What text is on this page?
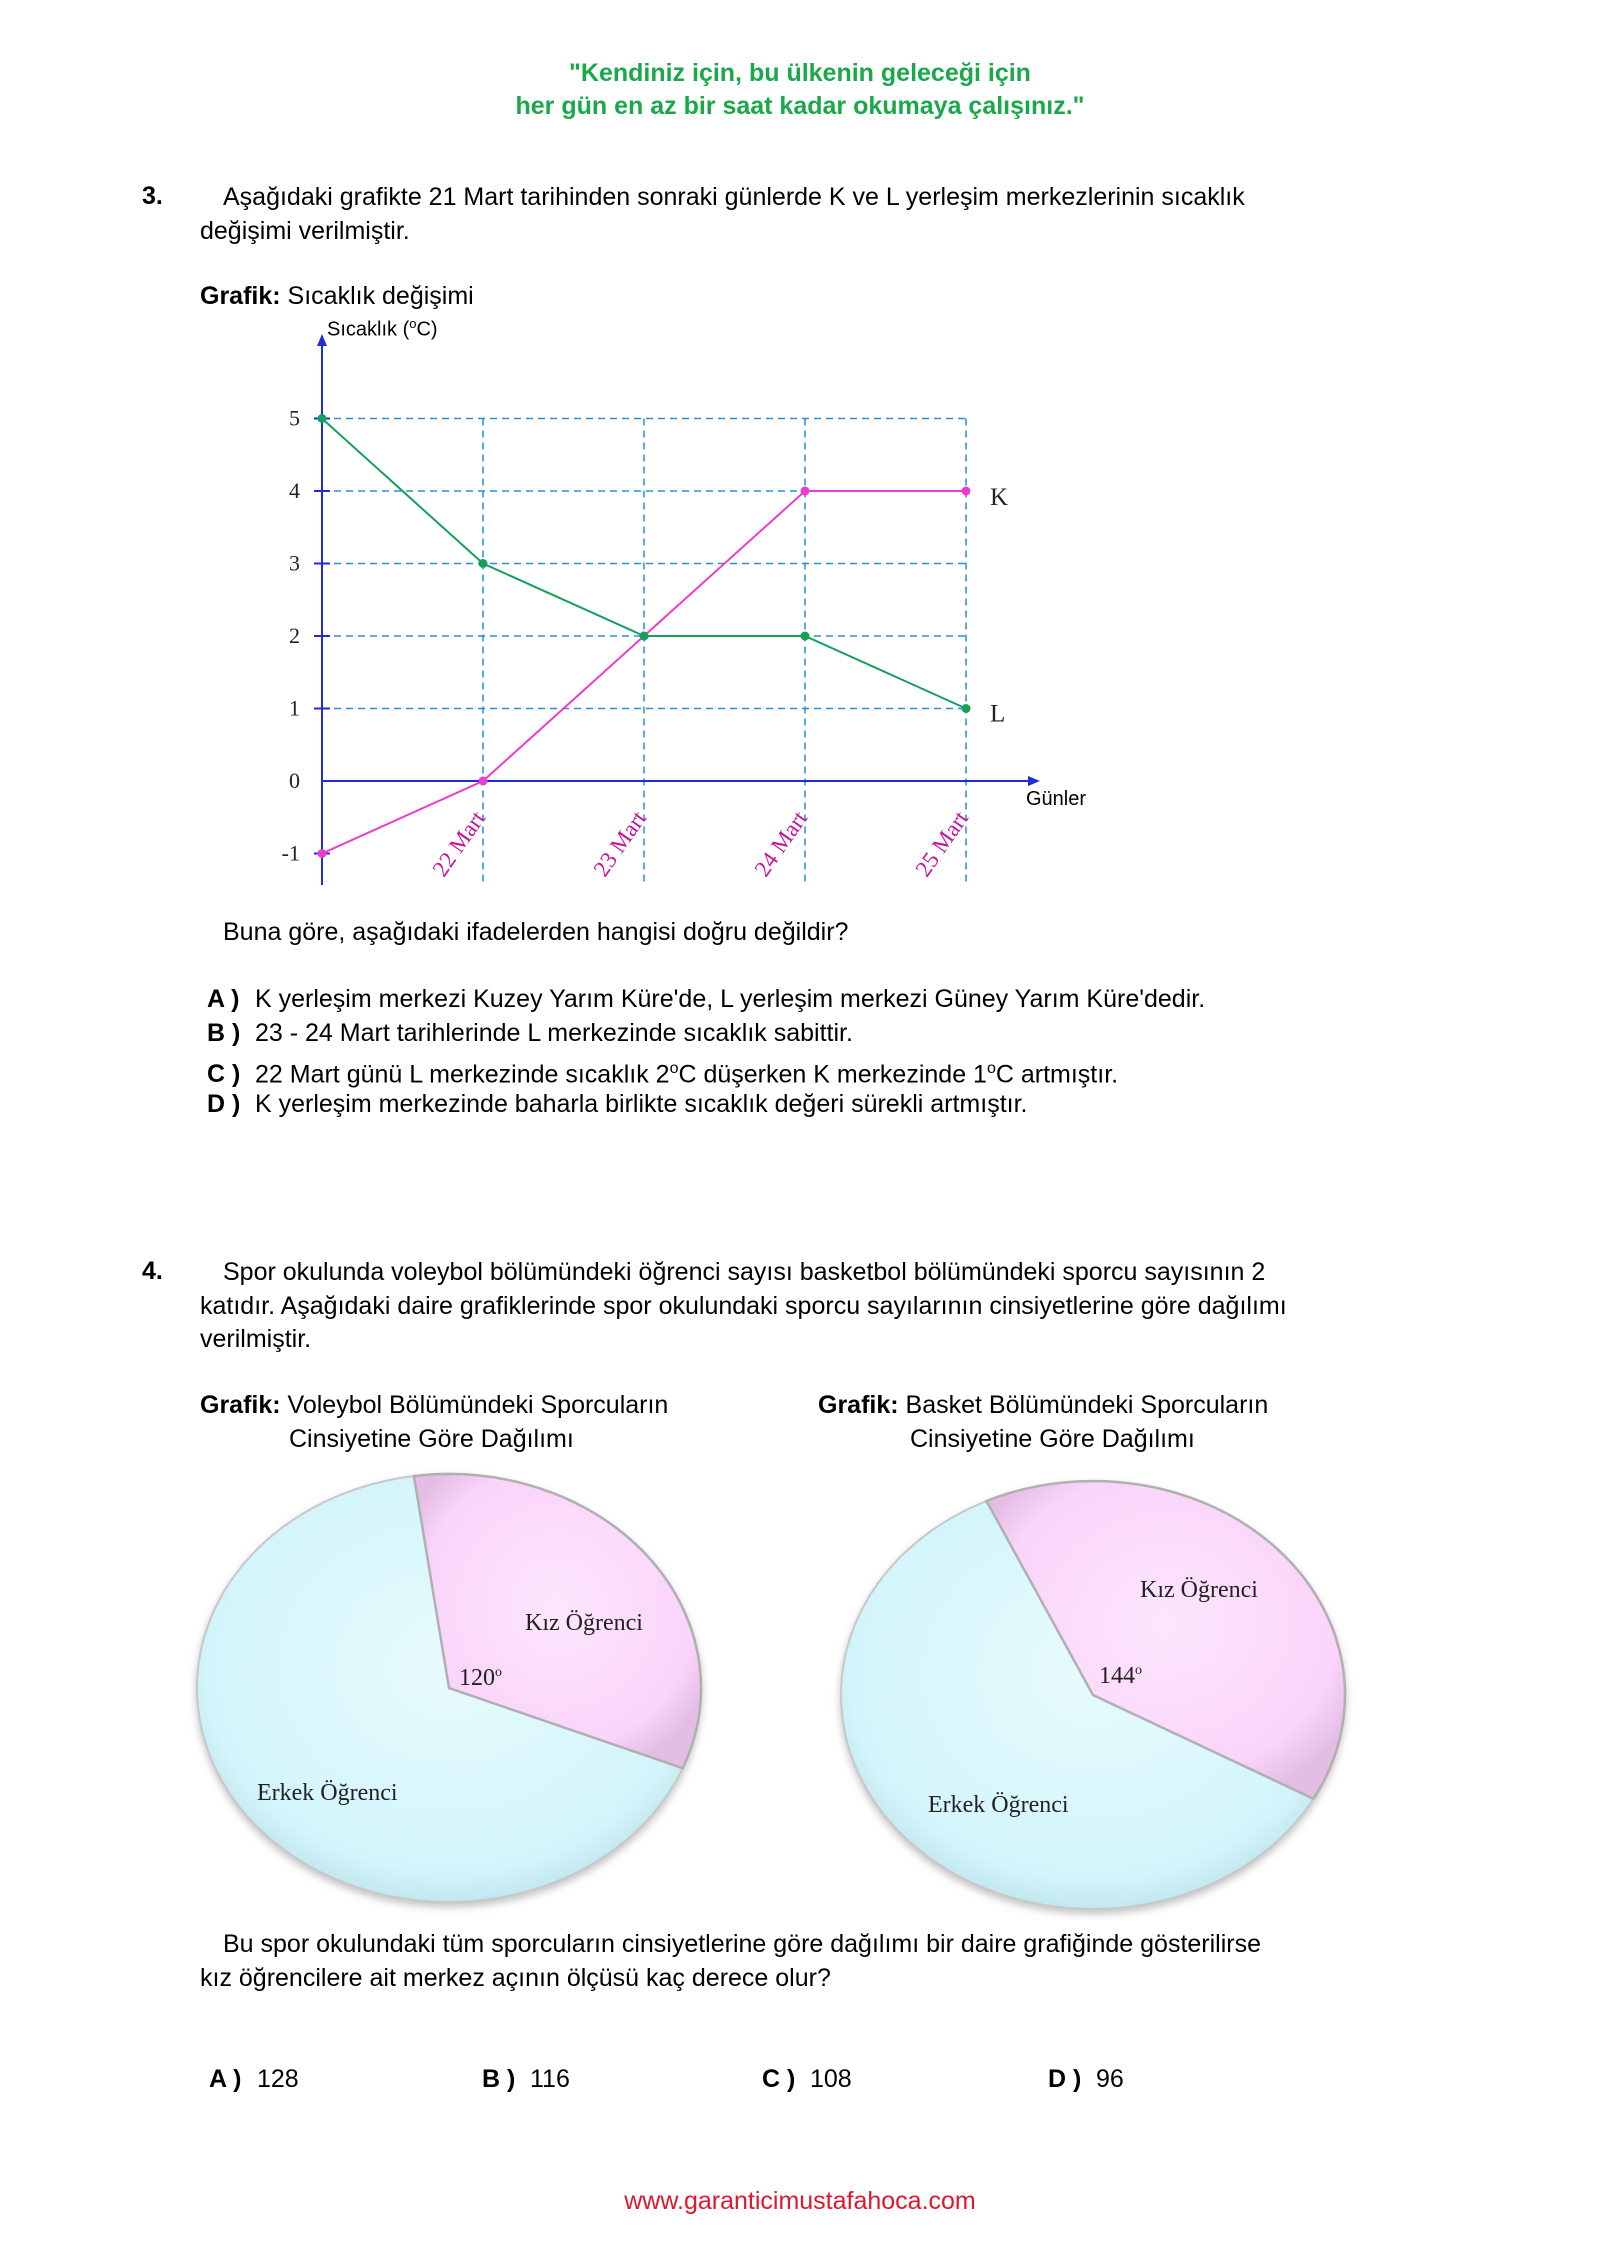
"Kendiniz için, bu ülkenin geleceği için
her gün en az bir saat kadar okumaya çalışınız."
3. Aşağıdaki grafikte 21 Mart tarihinden sonraki günlerde K ve L yerleşim merkezlerinin sıcaklık
değişimi verilmiştir.
Grafik: Sıcaklık değişimi
Sıcaklık ($^o$C)
Günler
5
4
3
2
1
0
-1	22 Mart	23 Mart	24 Mart	25 Mart
K
L
Buna göre, aşağıdaki ifadelerden hangisi doğru değildir?
A ) K yerleşim merkezi Kuzey Yarım Küre'de, L yerleşim merkezi Güney Yarım Küre'dedir.
B ) 23 - 24 Mart tarihlerinde L merkezinde sıcaklık sabittir.
C ) 22 Mart günü L merkezinde sıcaklık 2$^o$C düşerken K merkezinde 1$^o$C artmıştır.
D ) K yerleşim merkezinde baharla birlikte sıcaklık değeri sürekli artmıştır.
4. Spor okulunda voleybol bölümündeki öğrenci sayısı basketbol bölümündeki sporcu sayısının 2
katıdır. Aşağıdaki daire grafiklerinde spor okulundaki sporcu sayılarının cinsiyetlerine göre dağılımı
verilmiştir.
Grafik: Voleybol Bölümündeki Sporcuların
Cinsiyetine Göre Dağılımı
Grafik: Basket Bölümündeki Sporcuların
Cinsiyetine Göre Dağılımı
Kız Öğrenci
Erkek Öğrenci
120$^o$
Kız Öğrenci
Erkek Öğrenci
144$^o$
Bu spor okulundaki tüm sporcuların cinsiyetlerine göre dağılımı bir daire grafiğinde gösterilirse
kız öğrencilere ait merkez açının ölçüsü kaç derece olur?
A ) 128	B ) 116	C ) 108	D ) 96
www.garanticimustafahoca.com
